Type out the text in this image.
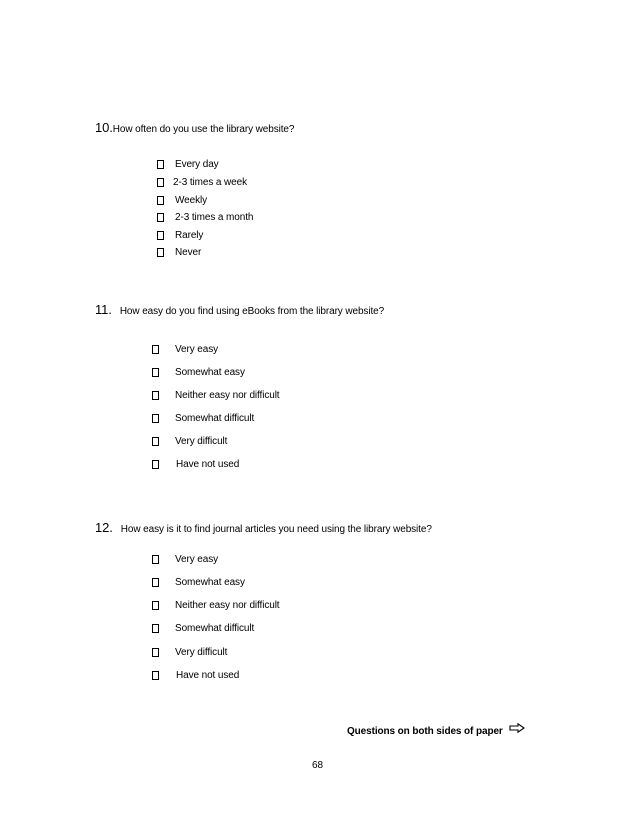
10.How often do you use the library website?
Every day
2-3 times a week
Weekly
2-3 times a month
Rarely
Never
11. How easy do you find using eBooks from the library website?
Very easy
Somewhat easy
Neither easy nor difficult
Somewhat difficult
Very difficult
Have not used
12. How easy is it to find journal articles you need using the library website?
Very easy
Somewhat easy
Neither easy nor difficult
Somewhat difficult
Very difficult
Have not used
Questions on both sides of paper
68
